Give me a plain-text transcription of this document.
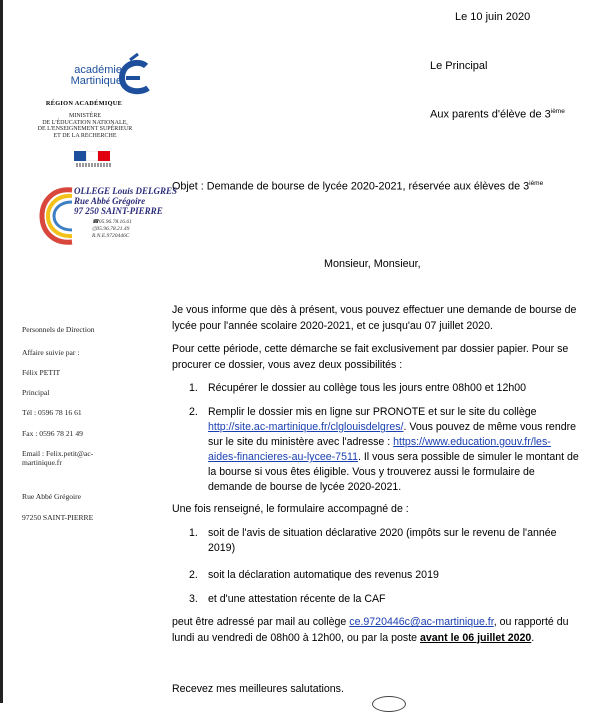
Le 10 juin 2020
Le Principal
Aux parents d'élève de 3ième
académie
Martinique
RÉGION ACADÉMIQUE
MINISTÈRE
DE L'ÉDUCATION NATIONALE,
DE L'ENSEIGNEMENT SUPÉRIEUR
ET DE LA RECHERCHE
OLLEGE Louis DELGRES
Rue Abbé Grégoire
97 250 SAINT-PIERRE
☎05.96.78.16.61
⎙05.96.78.21.49
R.N.E.9720446C
Objet : Demande de bourse de lycée 2020-2021, réservée aux élèves de 3ième
Monsieur, Monsieur,

Personnels de Direction

Affaire suivie par :

Félix PETIT

Principal

Tél : 0596 78 16 61

Fax : 0596 78 21 49

Email : Felix.petit@ac-

martinique.fr

Rue Abbé Grégoire

97250 SAINT-PIERRE

Je vous informe que dès à présent, vous pouvez effectuer une demande de bourse de lycée pour l'année scolaire 2020-2021, et ce jusqu'au 07 juillet 2020.
Pour cette période, cette démarche se fait exclusivement par dossier papier. Pour se procurer ce dossier, vous avez deux possibilités :
1. Récupérer le dossier au collège tous les jours entre 08h00 et 12h00
2. Remplir le dossier mis en ligne sur PRONOTE et sur le site du collège http://site.ac-martinique.fr/clglouisdelgres/. Vous pouvez de même vous rendre sur le site du ministère avec l'adresse : https://www.education.gouv.fr/les-aides-financieres-au-lycee-7511. Il vous sera possible de simuler le montant de la bourse si vous êtes éligible. Vous y trouverez aussi le formulaire de demande de bourse de lycée 2020-2021.
Une fois renseigné, le formulaire accompagné de :
1. soit de l'avis de situation déclarative 2020 (impôts sur le revenu de l'année 2019)
2. soit la déclaration automatique des revenus 2019
3. et d'une attestation récente de la CAF
peut être adressé par mail au collège ce.9720446c@ac-martinique.fr, ou rapporté du lundi au vendredi de 08h00 à 12h00, ou par la poste avant le 06 juillet 2020.
Recevez mes meilleures salutations.
